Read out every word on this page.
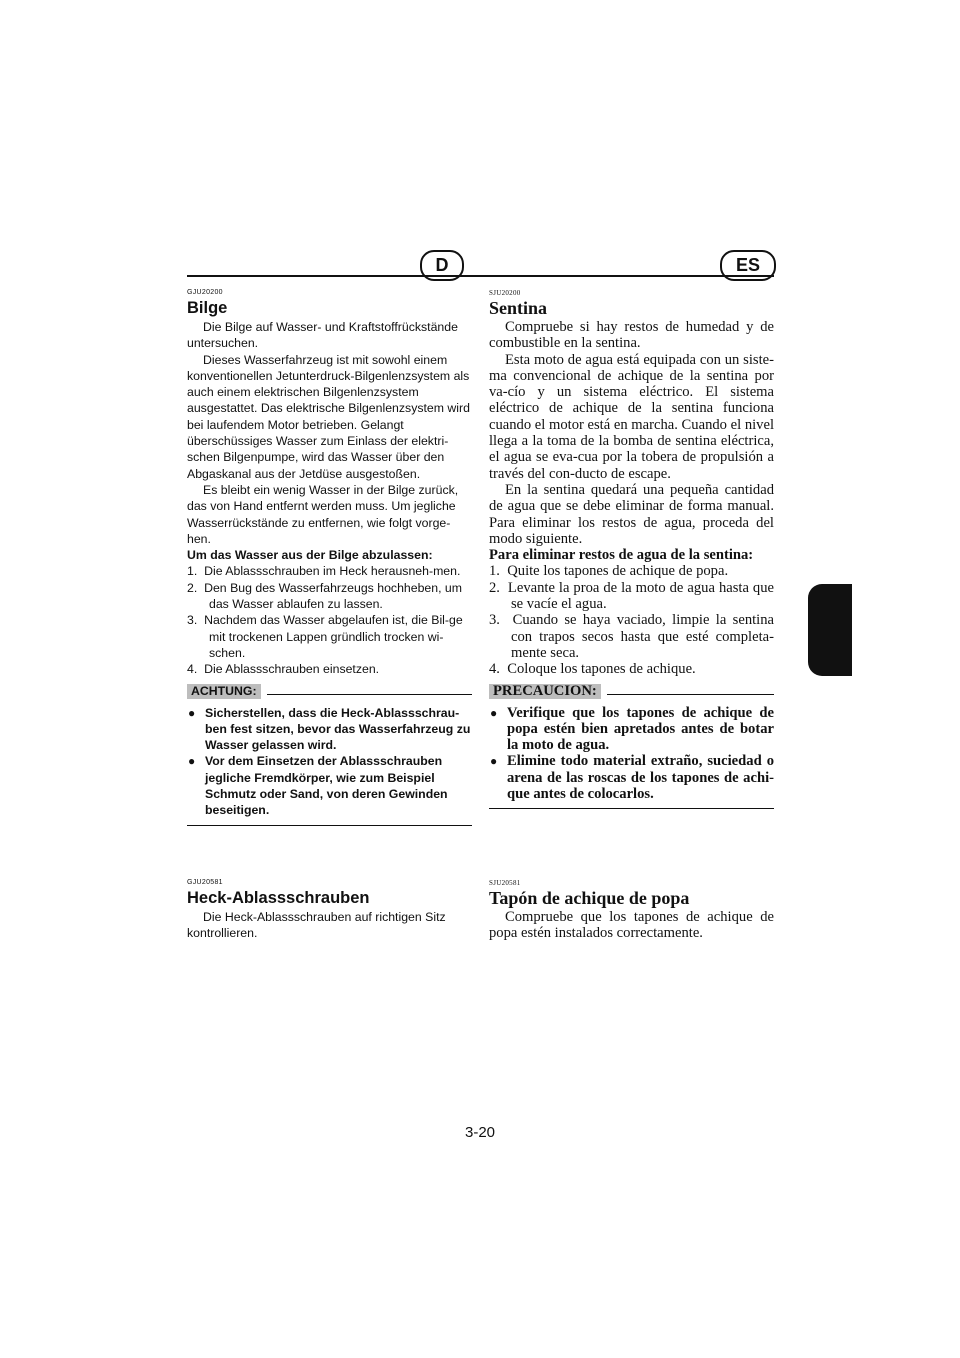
D	ES

GJU20200

Bilge

Die Bilge auf Wasser- und Kraftstoffrückstände untersuchen.

Dieses Wasserfahrzeug ist mit sowohl einem konventionellen Jetunterdruck-Bilgenlenzsystem als auch einem elektrischen Bilgenlenzsystem ausgestattet. Das elektrische Bilgenlenzsystem wird bei laufendem Motor betrieben. Gelangt überschüssiges Wasser zum Einlass der elektri-schen Bilgenpumpe, wird das Wasser über den Abgaskanal aus der Jetdüse ausgestoßen.

Es bleibt ein wenig Wasser in der Bilge zurück, das von Hand entfernt werden muss. Um jegliche Wasserrückstände zu entfernen, wie folgt vorge-hen.

Um das Wasser aus der Bilge abzulassen:

1.  Die Ablassschrauben im Heck herausneh-men.
2.  Den Bug des Wasserfahrzeugs hochheben, um das Wasser ablaufen zu lassen.
3.  Nachdem das Wasser abgelaufen ist, die Bil-ge mit trockenen Lappen gründlich trocken wi-schen.
4.  Die Ablassschrauben einsetzen.
ACHTUNG:
● Sicherstellen, dass die Heck-Ablassschrau-ben fest sitzen, bevor das Wasserfahrzeug zu Wasser gelassen wird.
● Vor dem Einsetzen der Ablassschrauben jegliche Fremdkörper, wie zum Beispiel Schmutz oder Sand, von deren Gewinden beseitigen.

GJU20581

Heck-Ablassschrauben

Die Heck-Ablassschrauben auf richtigen Sitz kontrollieren.

SJU20200

Sentina

Compruebe si hay restos de humedad y de combustible en la sentina.

Esta moto de agua está equipada con un siste-ma convencional de achique de la sentina por va-cío y un sistema eléctrico. El sistema eléctrico de achique de la sentina funciona cuando el motor está en marcha. Cuando el nivel llega a la toma de la bomba de sentina eléctrica, el agua se eva-cua por la tobera de propulsión a través del con-ducto de escape.

En la sentina quedará una pequeña cantidad de agua que se debe eliminar de forma manual. Para eliminar los restos de agua, proceda del modo siguiente.

Para eliminar restos de agua de la sentina:

1.  Quite los tapones de achique de popa.
2.  Levante la proa de la moto de agua hasta que se vacíe el agua.
3.  Cuando se haya vaciado, limpie la sentina con trapos secos hasta que esté completa-mente seca.
4.  Coloque los tapones de achique.
PRECAUCION:
● Verifique que los tapones de achique de popa estén bien apretados antes de botar la moto de agua.
● Elimine todo material extraño, suciedad o arena de las roscas de los tapones de achi-que antes de colocarlos.

SJU20581

Tapón de achique de popa

Compruebe que los tapones de achique de popa estén instalados correctamente.

3-20
